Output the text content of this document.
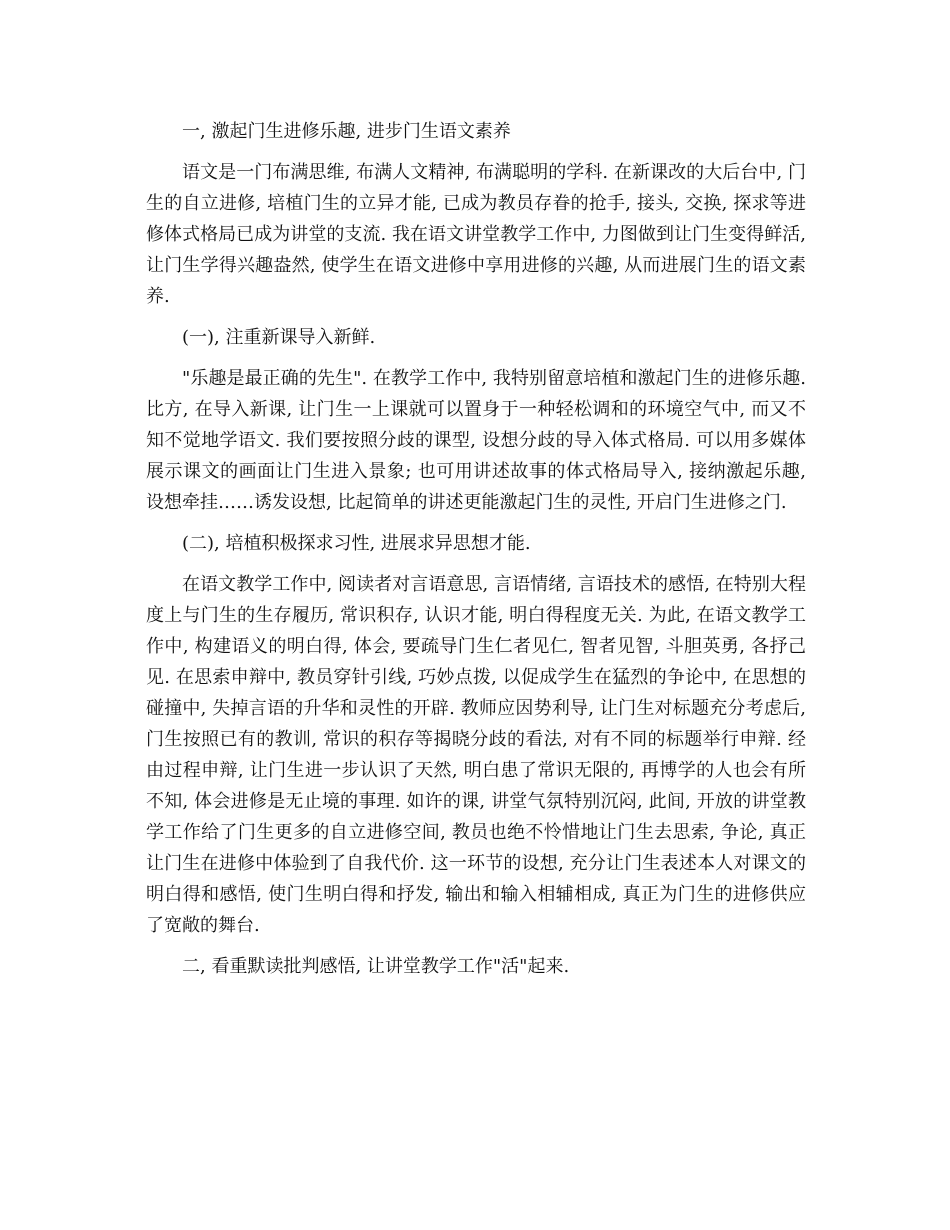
一, 激起门生进修乐趣, 进步门生语文素养

语文是一门布满思维, 布满人文精神, 布满聪明的学科. 在新课改的大后台中, 门生的自立进修, 培植门生的立异才能, 已成为教员存眷的抢手, 接头, 交换, 探求等进修体式格局已成为讲堂的支流. 我在语文讲堂教学工作中, 力图做到让门生变得鲜活, 让门生学得兴趣盎然, 使学生在语文进修中享用进修的兴趣, 从而进展门生的语文素养.

(一), 注重新课导入新鲜.

"乐趣是最正确的先生". 在教学工作中, 我特别留意培植和激起门生的进修乐趣. 比方, 在导入新课, 让门生一上课就可以置身于一种轻松调和的环境空气中, 而又不知不觉地学语文. 我们要按照分歧的课型, 设想分歧的导入体式格局. 可以用多媒体展示课文的画面让门生进入景象; 也可用讲述故事的体式格局导入, 接纳激起乐趣, 设想牵挂……诱发设想, 比起简单的讲述更能激起门生的灵性, 开启门生进修之门.

(二), 培植积极探求习性, 进展求异思想才能.

在语文教学工作中, 阅读者对言语意思, 言语情绪, 言语技术的感悟, 在特别大程度上与门生的生存履历, 常识积存, 认识才能, 明白得程度无关. 为此, 在语文教学工作中, 构建语义的明白得, 体会, 要疏导门生仁者见仁, 智者见智, 斗胆英勇, 各抒己见. 在思索申辩中, 教员穿针引线, 巧妙点拨, 以促成学生在猛烈的争论中, 在思想的碰撞中, 失掉言语的升华和灵性的开辟. 教师应因势利导, 让门生对标题充分考虑后, 门生按照已有的教训, 常识的积存等揭晓分歧的看法, 对有不同的标题举行申辩. 经由过程申辩, 让门生进一步认识了天然, 明白患了常识无限的, 再博学的人也会有所不知, 体会进修是无止境的事理. 如许的课, 讲堂气氛特别沉闷, 此间, 开放的讲堂教学工作给了门生更多的自立进修空间, 教员也绝不怜惜地让门生去思索, 争论, 真正让门生在进修中体验到了自我代价. 这一环节的设想, 充分让门生表述本人对课文的明白得和感悟, 使门生明白得和抒发, 输出和输入相辅相成, 真正为门生的进修供应了宽敞的舞台.

二, 看重默读批判感悟, 让讲堂教学工作"活"起来.
